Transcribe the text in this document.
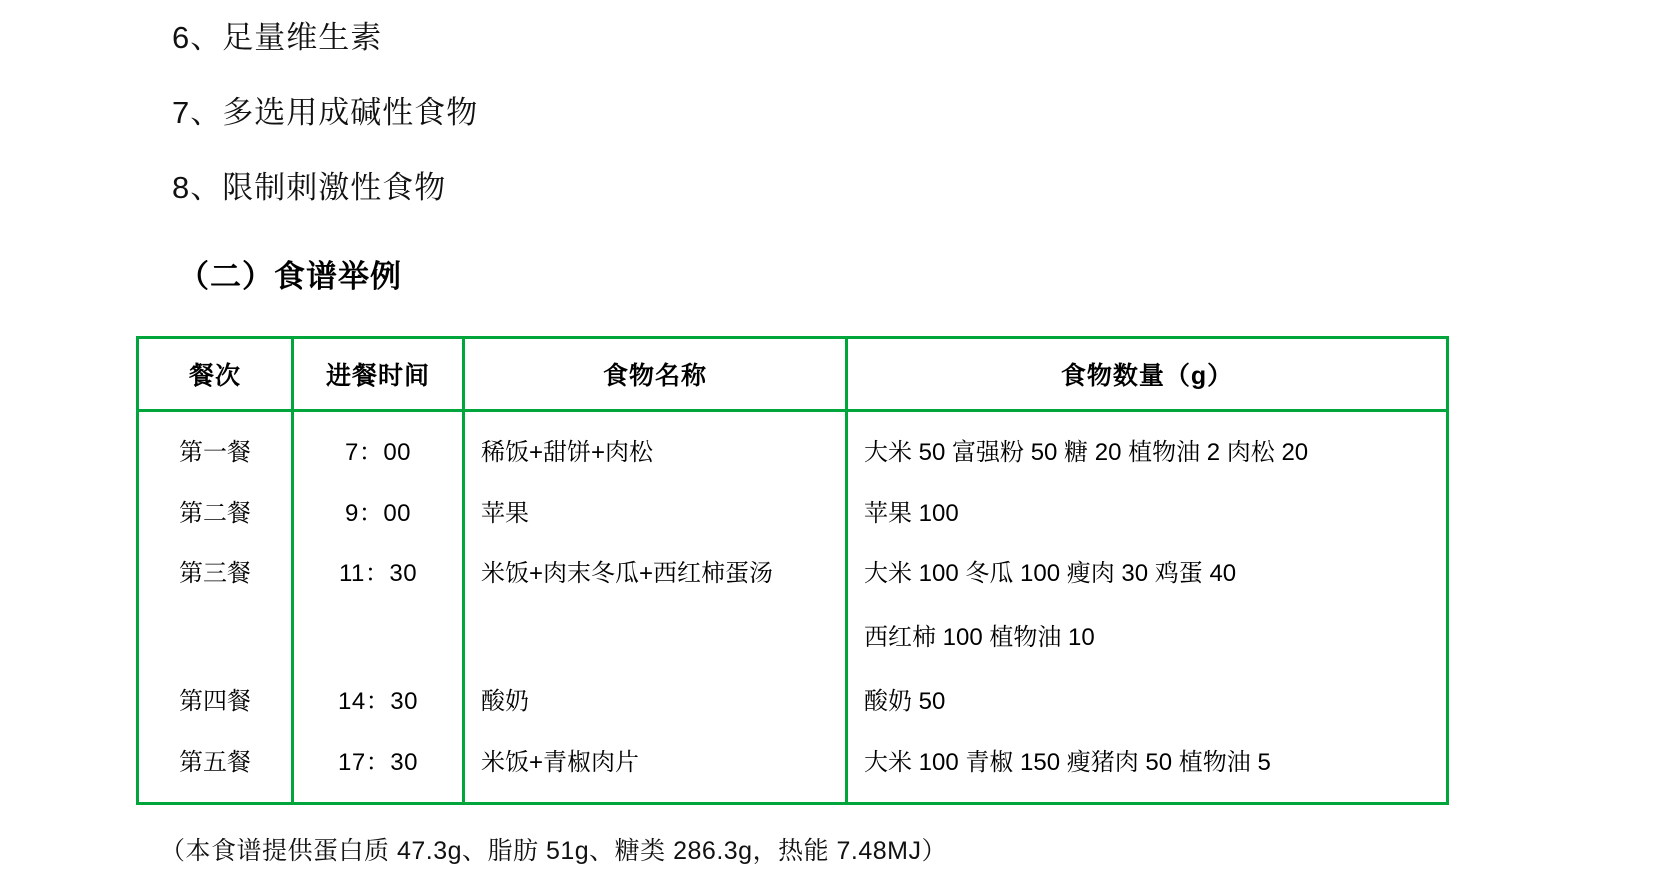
6、足量维生素
7、多选用成碱性食物
8、限制刺激性食物
（二）食谱举例
餐次	进餐时间	食物名称	食物数量（g）
第一餐	7：00	稀饭+甜饼+肉松	大米 50 富强粉 50 糖 20 植物油 2 肉松 20
第二餐	9：00	苹果	苹果 100
第三餐	11：30	米饭+肉末冬瓜+西红柿蛋汤	大米 100 冬瓜 100 瘦肉 30 鸡蛋 40
			西红柿 100 植物油 10
第四餐	14：30	酸奶	酸奶 50
第五餐	17：30	米饭+青椒肉片	大米 100 青椒 150 瘦猪肉 50 植物油 5
（本食谱提供蛋白质 47.3g、脂肪 51g、糖类 286.3g，热能 7.48MJ）
